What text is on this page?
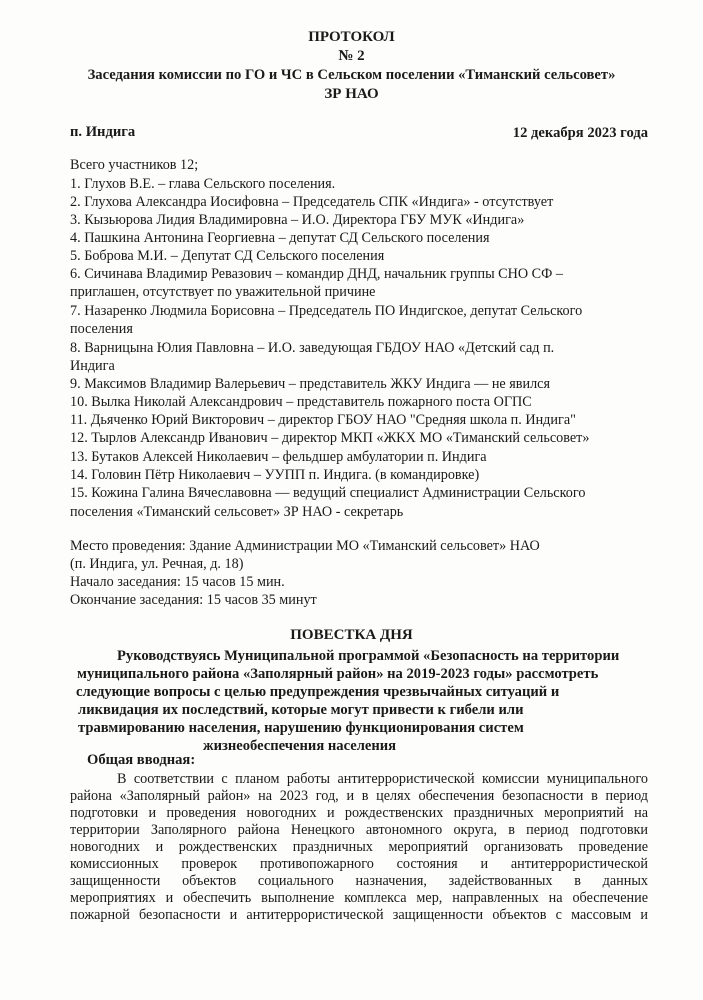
ПРОТОКОЛ
№ 2
Заседания комиссии по ГО и ЧС в Сельском поселении «Тиманский сельсовет»
ЗР НАО
п. Индига	12 декабря 2023 года
Всего участников 12;
1. Глухов В.Е. – глава Сельского поселения.
2. Глухова Александра Иосифовна – Председатель СПК «Индига» - отсутствует
3. Кызьюрова Лидия Владимировна – И.О. Директора ГБУ МУК «Индига»
4. Пашкина Антонина Георгиевна – депутат СД Сельского поселения
5. Боброва М.И. – Депутат СД Сельского поселения
6. Сичинава Владимир Ревазович – командир ДНД, начальник группы СНО СФ –
приглашен, отсутствует по уважительной причине
7. Назаренко Людмила Борисовна – Председатель ПО Индигское, депутат Сельского
поселения
8. Варницына Юлия Павловна – И.О. заведующая ГБДОУ НАО «Детский сад п.
Индига
9. Максимов Владимир Валерьевич – представитель ЖКУ Индига — не явился
10. Вылка Николай Александрович – представитель пожарного поста ОГПС
11. Дьяченко Юрий Викторович – директор ГБОУ НАО "Средняя школа п. Индига"
12. Тырлов Александр Иванович – директор МКП «ЖКХ МО «Тиманский сельсовет»
13. Бутаков Алексей Николаевич – фельдшер амбулатории п. Индига
14. Головин Пётр Николаевич – УУПП п. Индига. (в командировке)
15. Кожина Галина Вячеславовна — ведущий специалист Администрации Сельского
поселения «Тиманский сельсовет» ЗР НАО - секретарь
Место проведения: Здание Администрации МО «Тиманский сельсовет» НАО
(п. Индига, ул. Речная, д. 18)
Начало заседания: 15 часов 15 мин.
Окончание заседания: 15 часов 35 минут
ПОВЕСТКА ДНЯ
Руководствуясь Муниципальной программой «Безопасность на территории
муниципального района «Заполярный район» на 2019-2023 годы» рассмотреть
следующие вопросы с целью предупреждения чрезвычайных ситуаций и
ликвидация их последствий, которые могут привести к гибели или
травмированию населения, нарушению функционирования систем
жизнеобеспечения населения
Общая вводная:
В соответствии с планом работы антитеррористической комиссии муниципального
района «Заполярный район» на 2023 год, и в целях обеспечения безопасности в период
подготовки и проведения новогодних и рождественских праздничных мероприятий на
территории Заполярного района Ненецкого автономного округа, в период подготовки
новогодних и рождественских праздничных мероприятий организовать проведение
комиссионных проверок противопожарного состояния и антитеррористической
защищенности объектов социального назначения, задействованных в данных
мероприятиях и обеспечить выполнение комплекса мер, направленных на обеспечение
пожарной безопасности и антитеррористической защищенности объектов с массовым и
